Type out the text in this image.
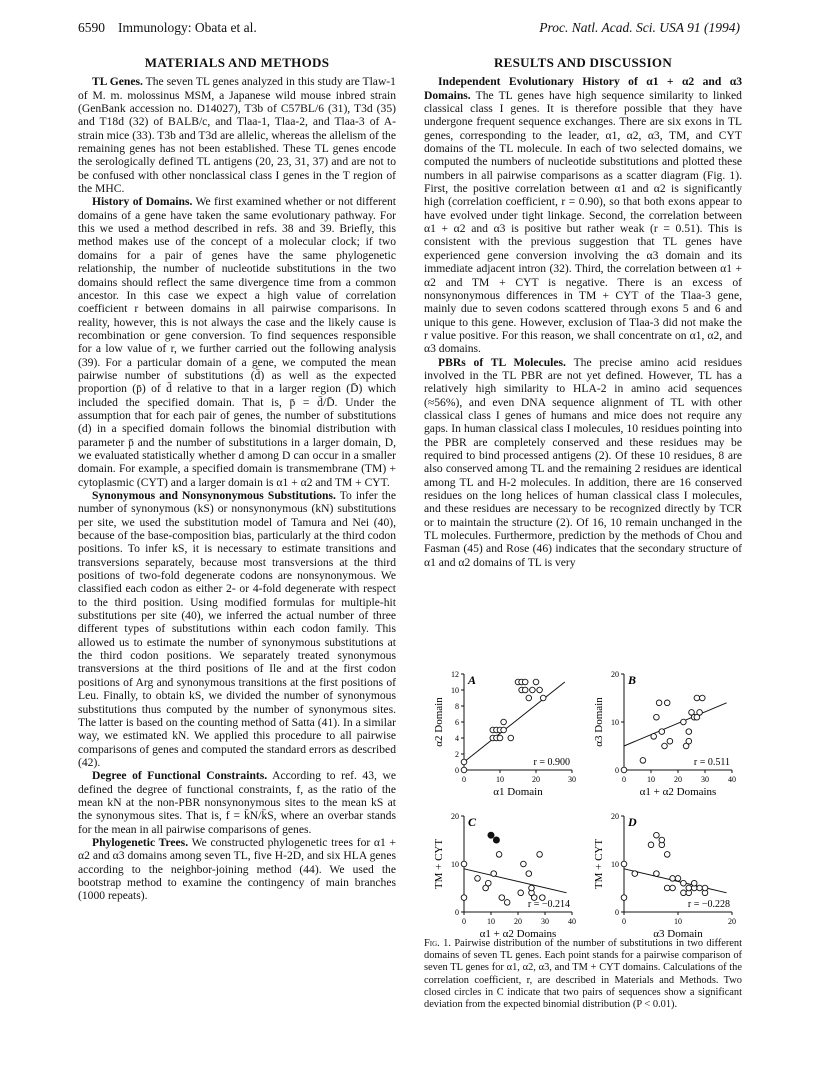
6590 Immunology: Obata et al.	Proc. Natl. Acad. Sci. USA 91 (1994)
MATERIALS AND METHODS

TL Genes. The seven TL genes analyzed in this study are Tlaw-1 of M. m. molossinus MSM, a Japanese wild mouse inbred strain (GenBank accession no. D14027), T3b of C57BL/6 (31), T3d (35) and T18d (32) of BALB/c, and Tlaa-1, Tlaa-2, and Tlaa-3 of A-strain mice (33). T3b and T3d are allelic, whereas the allelism of the remaining genes has not been established. These TL genes encode the serologically defined TL antigens (20, 23, 31, 37) and are not to be confused with other nonclassical class I genes in the T region of the MHC.

History of Domains. We first examined whether or not different domains of a gene have taken the same evolutionary pathway. For this we used a method described in refs. 38 and 39. Briefly, this method makes use of the concept of a molecular clock; if two domains for a pair of genes have the same phylogenetic relationship, the number of nucleotide substitutions in the two domains should reflect the same divergence time from a common ancestor. In this case we expect a high value of correlation coefficient r between domains in all pairwise comparisons. In reality, however, this is not always the case and the likely cause is recombination or gene conversion. To find sequences responsible for a low value of r, we further carried out the following analysis (39). For a particular domain of a gene, we computed the mean pairwise number of substitutions (d̄) as well as the expected proportion (p̄) of d̄ relative to that in a larger region (D̄) which included the specified domain. That is, p̄ = d̄/D̄. Under the assumption that for each pair of genes, the number of substitutions (d) in a specified domain follows the binomial distribution with parameter p̄ and the number of substitutions in a larger domain, D, we evaluated statistically whether d among D can occur in a smaller domain. For example, a specified domain is transmembrane (TM) + cytoplasmic (CYT) and a larger domain is α1 + α2 and TM + CYT.

Synonymous and Nonsynonymous Substitutions. To infer the number of synonymous (kS) or nonsynonymous (kN) substitutions per site, we used the substitution model of Tamura and Nei (40), because of the base-composition bias, particularly at the third codon positions. To infer kS, it is necessary to estimate transitions and transversions separately, because most transversions at the third positions of two-fold degenerate codons are nonsynonymous. We classified each codon as either 2- or 4-fold degenerate with respect to the third position. Using modified formulas for multiple-hit substitutions per site (40), we inferred the actual number of three different types of substitutions within each codon family. This allowed us to estimate the number of synonymous substitutions at the third codon positions. We separately treated synonymous transversions at the third positions of Ile and at the first codon positions of Arg and synonymous transitions at the first positions of Leu. Finally, to obtain kS, we divided the number of synonymous substitutions thus computed by the number of synonymous sites. The latter is based on the counting method of Satta (41). In a similar way, we estimated kN. We applied this procedure to all pairwise comparisons of genes and computed the standard errors as described (42).

Degree of Functional Constraints. According to ref. 43, we defined the degree of functional constraints, f, as the ratio of the mean kN at the non-PBR nonsynonymous sites to the mean kS at the synonymous sites. That is, f = k̄N/k̄S, where an overbar stands for the mean in all pairwise comparisons of genes.

Phylogenetic Trees. We constructed phylogenetic trees for α1 + α2 and α3 domains among seven TL, five H-2D, and six HLA genes according to the neighbor-joining method (44). We used the bootstrap method to examine the contingency of main branches (1000 repeats).

RESULTS AND DISCUSSION

Independent Evolutionary History of α1 + α2 and α3 Domains. The TL genes have high sequence similarity to linked classical class I genes. It is therefore possible that they have undergone frequent sequence exchanges. There are six exons in TL genes, corresponding to the leader, α1, α2, α3, TM, and CYT domains of the TL molecule. In each of two selected domains, we computed the numbers of nucleotide substitutions and plotted these numbers in all pairwise comparisons as a scatter diagram (Fig. 1). First, the positive correlation between α1 and α2 is significantly high (correlation coefficient, r = 0.90), so that both exons appear to have evolved under tight linkage. Second, the correlation between α1 + α2 and α3 is positive but rather weak (r = 0.51). This is consistent with the previous suggestion that TL genes have experienced gene conversion involving the α3 domain and its immediate adjacent intron (32). Third, the correlation between α1 + α2 and TM + CYT is negative. There is an excess of nonsynonymous differences in TM + CYT of the Tlaa-3 gene, mainly due to seven codons scattered through exons 5 and 6 and unique to this gene. However, exclusion of Tlaa-3 did not make the r value positive. For this reason, we shall concentrate on α1, α2, and α3 domains.

PBRs of TL Molecules. The precise amino acid residues involved in the TL PBR are not yet defined. However, TL has a relatively high similarity to HLA-2 in amino acid sequences (≈56%), and even DNA sequence alignment of TL with other classical class I genes of humans and mice does not require any gaps. In human classical class I molecules, 10 residues pointing into the PBR are completely conserved and these residues may be required to bind processed antigens (2). Of these 10 residues, 8 are also conserved among TL and the remaining 2 residues are identical among TL and H-2 molecules. In addition, there are 16 conserved residues on the long helices of human classical class I molecules, and these residues are necessary to be recognized directly by TCR or to maintain the structure (2). Of 16, 10 remain unchanged in the TL molecules. Furthermore, prediction by the methods of Chou and Fasman (45) and Rose (46) indicates that the secondary structure of α1 and α2 domains of TL is very

0	10	20	30
0
2
4
6
8
10
12 A
r = 0.900
α1 Domain
α2 Domain
0	10 20 30 40
0
10
20 B
r = 0.511
α1 + α2 Domains
α3 Domain
0	10 20 30 40
0
10
20 C
r = −0.214
α1 + α2 Domains
TM + CYT
0	10	20
0
10
20 D
r = −0.228
α3 Domain
TM + CYT
Fig. 1. Pairwise distribution of the number of substitutions in two different domains of seven TL genes. Each point stands for a pairwise comparison of seven TL genes for α1, α2, α3, and TM + CYT domains. Calculations of the correlation coefficient, r, are described in Materials and Methods. Two closed circles in C indicate that two pairs of sequences show a significant deviation from the expected binomial distribution (P < 0.01).
